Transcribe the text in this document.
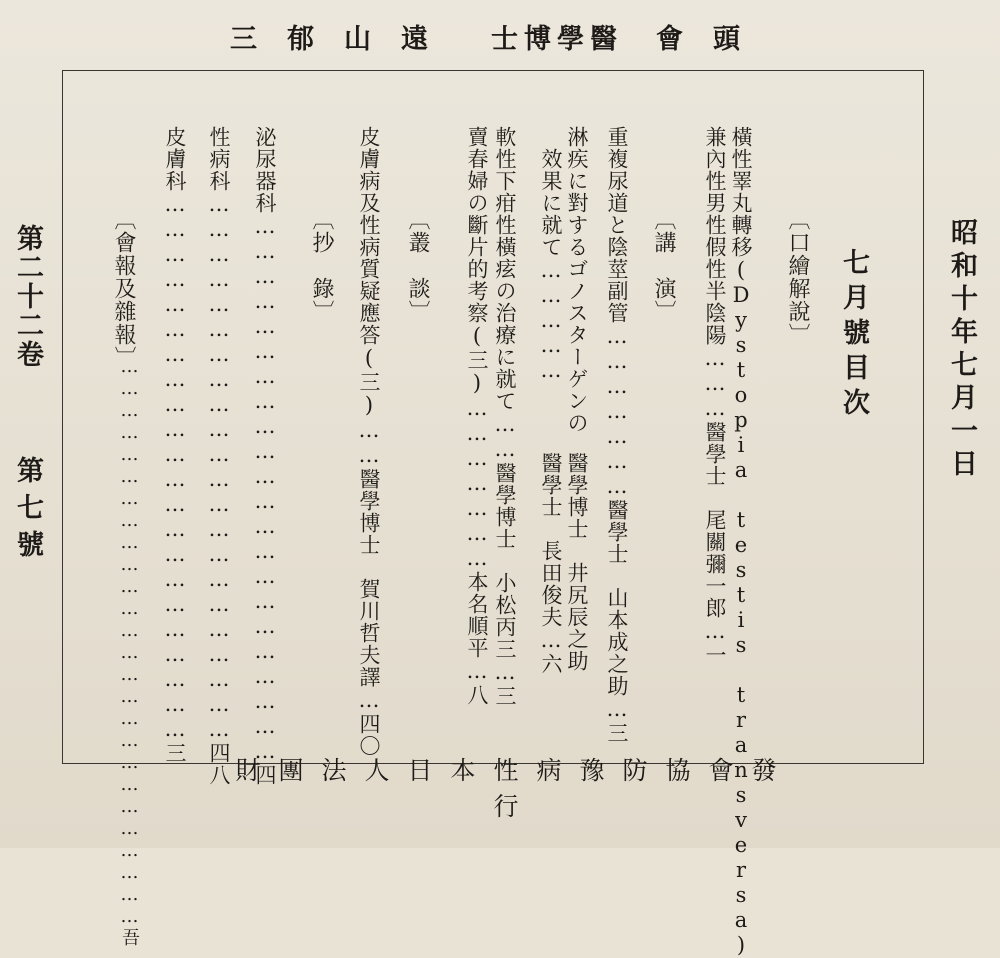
三郁山遠 士博學醫 會頭
昭和十年七月一日
第二十二卷
第七號
七月號目次
〔口繪解說〕
橫性睪丸轉移(Dystopia testis transversa)
兼內性男性假性半陰陽………醫學士　尾關彌一郎…一
〔講　演〕
重複尿道と陰莖副管…………………醫學士　山本成之助…三
淋疾に對するゴノスターゲンの
效果に就て……………
醫學博士　井尻辰之助
醫學士　長田俊夫…六
軟性下疳性橫痃の治療に就て……醫學博士　小松丙三…三
賣春婦の斷片的考察(三)…………………本名順平…八
〔叢　談〕
皮膚病及性病質疑應答(三)……醫學博士　賀川哲夫譯…四〇
〔抄　錄〕
泌尿器科…………………………………………………………四
性病科…………………………………………………………四八
皮膚科…………………………………………………………三
〔會報及雜報〕
……………………………………………………………………吾	財團法人日本性病豫防協會發行
